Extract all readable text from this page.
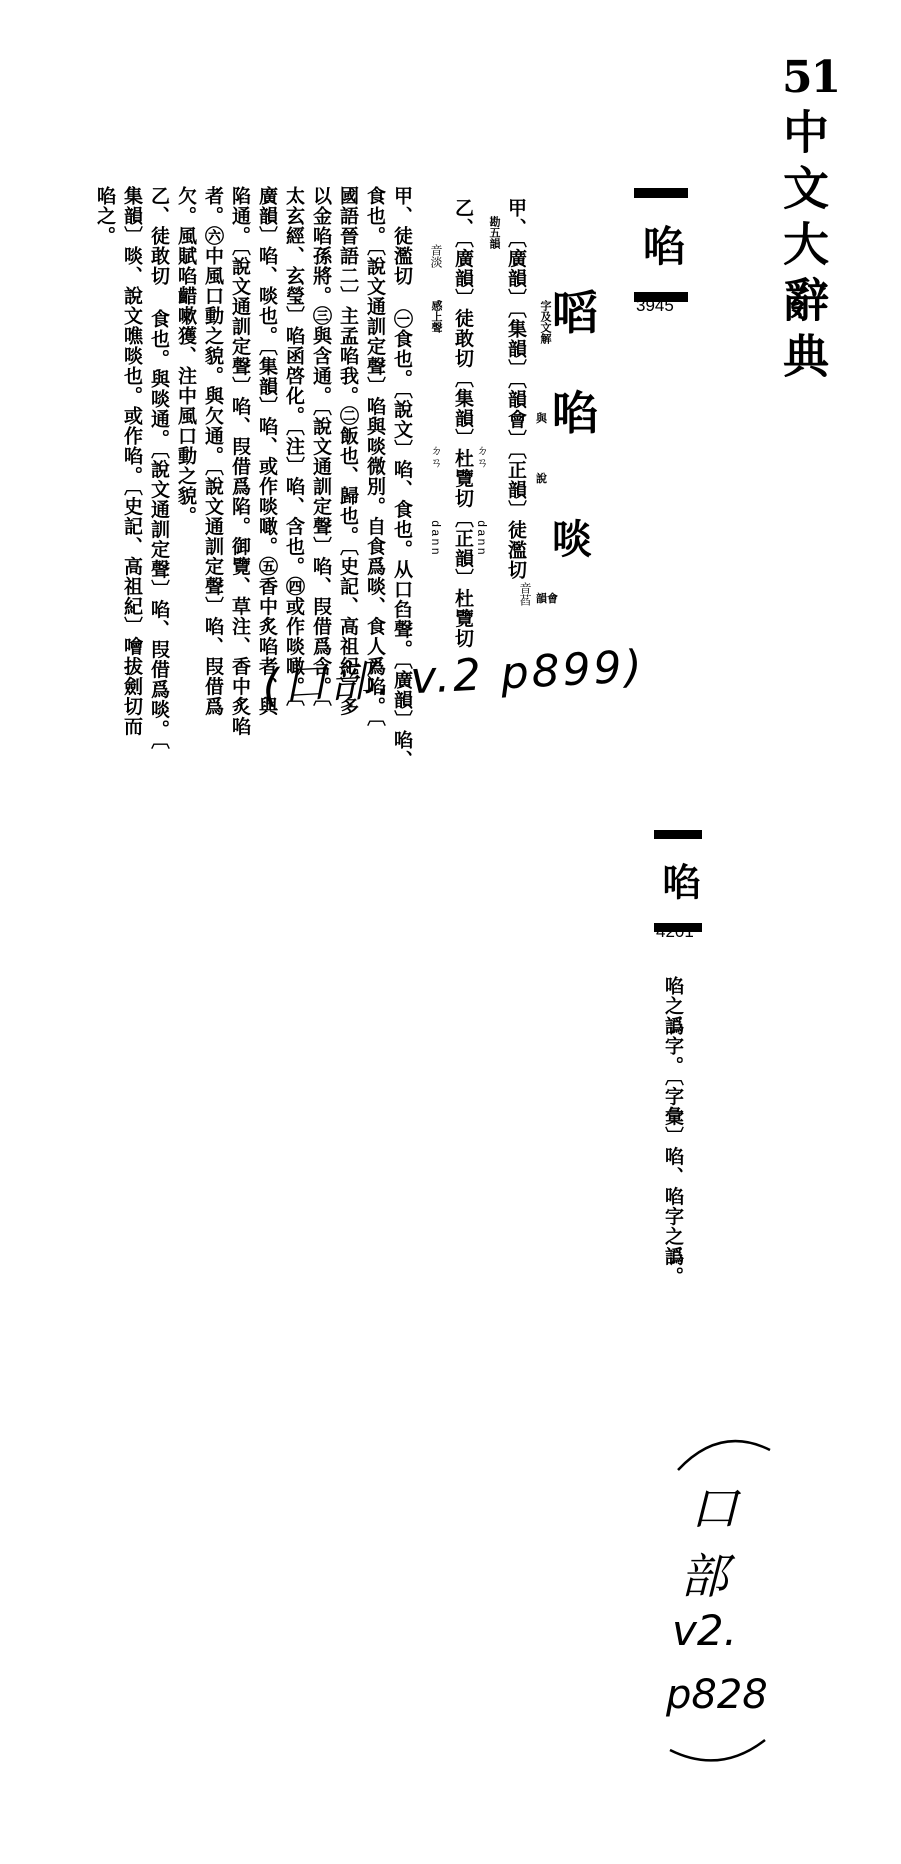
51
中文大辭典
啗
3945
㗖
字及文解
啗
與
說
啖
韻會
勘五韻
音萏
ㄉㄢ
dann
音淡
感上聲
ㄉㄢ
dann	甲、〔廣韻〕〔集韻〕〔韻會〕〔正韻〕徒濫切
乙、〔廣韻〕徒敢切〔集韻〕杜覽切〔正韻〕杜覽切
甲、徒濫切 ㊀食也。〔說文〕啗、食也。从口臽聲。〔廣韻〕啗、
食也。〔說文通訓定聲〕啗與啖微別。自食爲啖、食人爲啗。〔
國語晉語二〕主孟啗我。㊁飯也、歸也。〔史記、高祖紀〕多
以金啗孫將。㊂與含通。〔說文通訓定聲〕啗、叚借爲含。〔
太玄經、玄瑩〕啗函啓化。〔注〕啗、含也。㊃或作啖噉。〔
廣韻〕啗、啖也。〔集韻〕啗、或作啖噉。㊄香中炙啗者、與
陷通。〔說文通訓定聲〕啗、叚借爲陷。御覽、草注、香中炙啗
者。㊅中風口動之貌。與欠通。〔說文通訓定聲〕啗、叚借爲
欠。風賦啗齰嗽獲、注中風口動之貌。
乙、徒敢切 食也。與啖通。〔說文通訓定聲〕啗、叚借爲啖。〔
集韻〕啖、說文噍啖也。或作啗。〔史記、高祖紀〕噲拔劍切而
啗之。
(口部. v.2 p899)
啗
4201
啗之譌字。〔字彙〕啗、啗字之譌。
口
部
v2.
p828
